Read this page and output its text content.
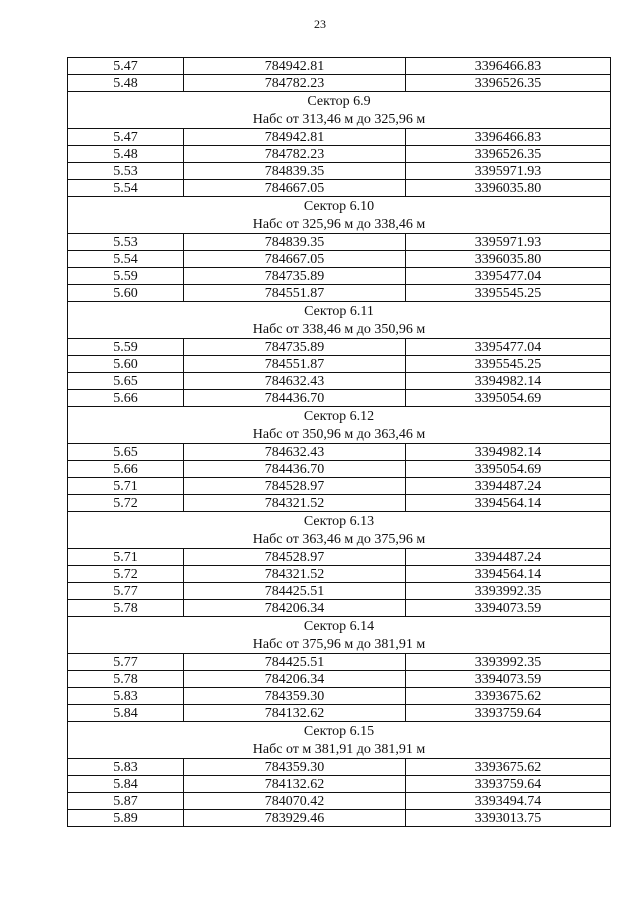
23
5.47	784942.81	3396466.83
5.48	784782.23	3396526.35
Сектор 6.9		
Набс от 313,46 м до 325,96 м		
5.47	784942.81	3396466.83
5.48	784782.23	3396526.35
5.53	784839.35	3395971.93
5.54	784667.05	3396035.80
Сектор 6.10		
Набс от 325,96 м до 338,46 м		
5.53	784839.35	3395971.93
5.54	784667.05	3396035.80
5.59	784735.89	3395477.04
5.60	784551.87	3395545.25
Сектор 6.11		
Набс от 338,46 м до 350,96 м		
5.59	784735.89	3395477.04
5.60	784551.87	3395545.25
5.65	784632.43	3394982.14
5.66	784436.70	3395054.69
Сектор 6.12		
Набс от 350,96 м до 363,46 м		
5.65	784632.43	3394982.14
5.66	784436.70	3395054.69
5.71	784528.97	3394487.24
5.72	784321.52	3394564.14
Сектор 6.13		
Набс от 363,46 м до 375,96 м		
5.71	784528.97	3394487.24
5.72	784321.52	3394564.14
5.77	784425.51	3393992.35
5.78	784206.34	3394073.59
Сектор 6.14		
Набс от 375,96 м до 381,91 м		
5.77	784425.51	3393992.35
5.78	784206.34	3394073.59
5.83	784359.30	3393675.62
5.84	784132.62	3393759.64
Сектор 6.15		
Набс от м 381,91 до 381,91 м		
5.83	784359.30	3393675.62
5.84	784132.62	3393759.64
5.87	784070.42	3393494.74
5.89	783929.46	3393013.75
